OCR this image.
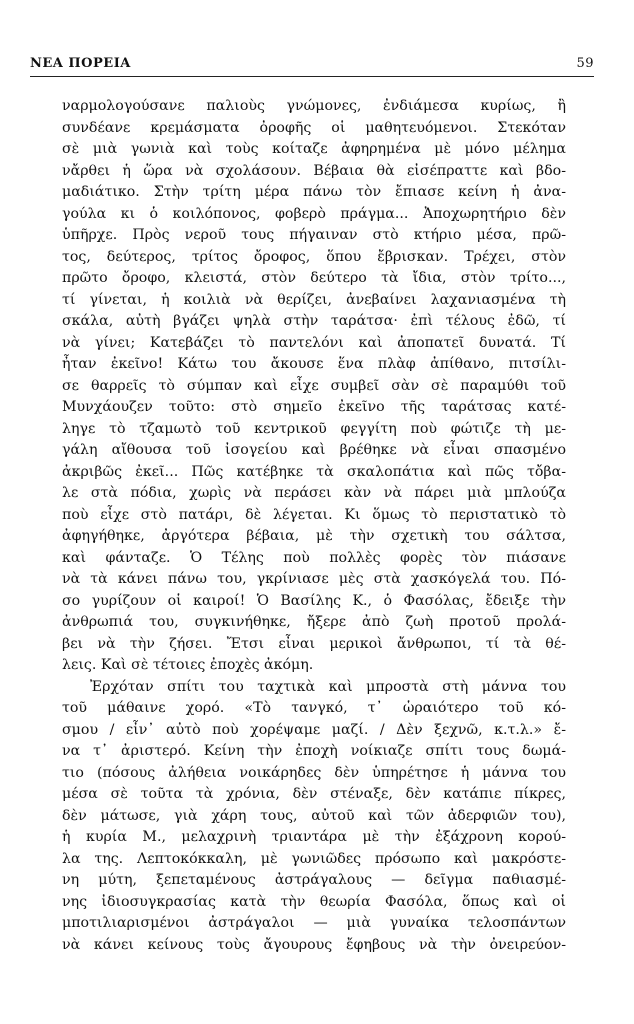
ΝΕΑ ΠΟΡΕΙΑ	59
ναρμολογούσανε παλιοὺς γνώμονες, ἐνδιάμεσα κυρίως, ἢ
συνδέανε κρεμάσματα ὀροφῆς οἱ μαθητευόμενοι. Στεκόταν
σὲ μιὰ γωνιὰ καὶ τοὺς κοίταζε ἀφηρημένα μὲ μόνο μέλημα
νἄρθει ἡ ὥρα νὰ σχολάσουν. Βέβαια θὰ εἰσέπραττε καὶ βδο-
μαδιάτικο. Στὴν τρίτη μέρα πάνω τὸν ἔπιασε κείνη ἡ ἀνα-
γούλα κι ὁ κοιλόπονος, φοβερὸ πράγμα... Ἀποχωρητήριο δὲν
ὑπῆρχε. Πρὸς νεροῦ τους πήγαιναν στὸ κτήριο μέσα, πρῶ-
τος, δεύτερος, τρίτος ὄροφος, ὅπου ἔβρισκαν. Τρέχει, στὸν
πρῶτο ὄροφο, κλειστά, στὸν δεύτερο τὰ ἴδια, στὸν τρίτο...,
τί γίνεται, ἡ κοιλιὰ νὰ θερίζει, ἀνεβαίνει λαχανιασμένα τὴ
σκάλα, αὐτὴ βγάζει ψηλὰ στὴν ταράτσα· ἐπὶ τέλους ἐδῶ, τί
νὰ γίνει; Κατεβάζει τὸ παντελόνι καὶ ἀποπατεῖ δυνατά. Τί
ἦταν ἐκεῖνο! Κάτω του ἄκουσε ἕνα πλὰφ ἀπίθανο, πιτσίλι-
σε θαρρεῖς τὸ σύμπαν καὶ εἶχε συμβεῖ σὰν σὲ παραμύθι τοῦ
Μυνχάουζεν τοῦτο: στὸ σημεῖο ἐκεῖνο τῆς ταράτσας κατέ-
ληγε τὸ τζαμωτὸ τοῦ κεντρικοῦ φεγγίτη ποὺ φώτιζε τὴ με-
γάλη αἴθουσα τοῦ ἰσογείου καὶ βρέθηκε νὰ εἶναι σπασμένο
ἀκριβῶς ἐκεῖ... Πῶς κατέβηκε τὰ σκαλοπάτια καὶ πῶς τὄβα-
λε στὰ πόδια, χωρὶς νὰ περάσει κὰν νὰ πάρει μιὰ μπλούζα
ποὺ εἶχε στὸ πατάρι, δὲ λέγεται. Κι ὅμως τὸ περιστατικὸ τὸ
ἀφηγήθηκε, ἀργότερα βέβαια, μὲ τὴν σχετικὴ του σάλτσα,
καὶ φάνταζε. Ὁ Τέλης ποὺ πολλὲς φορὲς τὸν πιάσανε
νὰ τὰ κάνει πάνω του, γκρίνιασε μὲς στὰ χασκόγελά του. Πό-
σο γυρίζουν οἱ καιροί! Ὁ Βασίλης Κ., ὁ Φασόλας, ἔδειξε τὴν
ἀνθρωπιά του, συγκινήθηκε, ἤξερε ἀπὸ ζωὴ προτοῦ προλά-
βει νὰ τὴν ζήσει. Ἔτσι εἶναι μερικοὶ ἄνθρωποι, τί τὰ θέ-
λεις. Καὶ σὲ τέτοιες ἐποχὲς ἀκόμη.
Ἐρχόταν σπίτι του ταχτικὰ καὶ μπροστὰ στὴ μάννα του
τοῦ μάθαινε χορό. «Τὸ τανγκό, τ᾿ ὡραιότερο τοῦ κό-
σμου / εἶν᾿ αὐτὸ ποὺ χορέψαμε μαζί. / Δὲν ξεχνῶ, κ.τ.λ.» ἔ-
να τ᾿ ἀριστερό. Κείνη τὴν ἐποχὴ νοίκιαζε σπίτι τους δωμά-
τιο (πόσους ἀλήθεια νοικάρηδες δὲν ὑπηρέτησε ἡ μάννα του
μέσα σὲ τοῦτα τὰ χρόνια, δὲν στέναξε, δὲν κατάπιε πίκρες,
δὲν μάτωσε, γιὰ χάρη τους, αὐτοῦ καὶ τῶν ἀδερφιῶν του),
ἡ κυρία Μ., μελαχρινὴ τριαντάρα μὲ τὴν ἐξάχρονη κορού-
λα της. Λεπτοκόκκαλη, μὲ γωνιῶδες πρόσωπο καὶ μακρόστε-
νη μύτη, ξεπεταμένους ἀστράγαλους — δεῖγμα παθιασμέ-
νης ἰδιοσυγκρασίας κατὰ τὴν θεωρία Φασόλα, ὅπως καὶ οἱ
μποτιλιαρισμένοι ἀστράγαλοι — μιὰ γυναίκα τελοσπάντων
νὰ κάνει κείνους τοὺς ἄγουρους ἔφηβους νὰ τὴν ὀνειρεύον-
